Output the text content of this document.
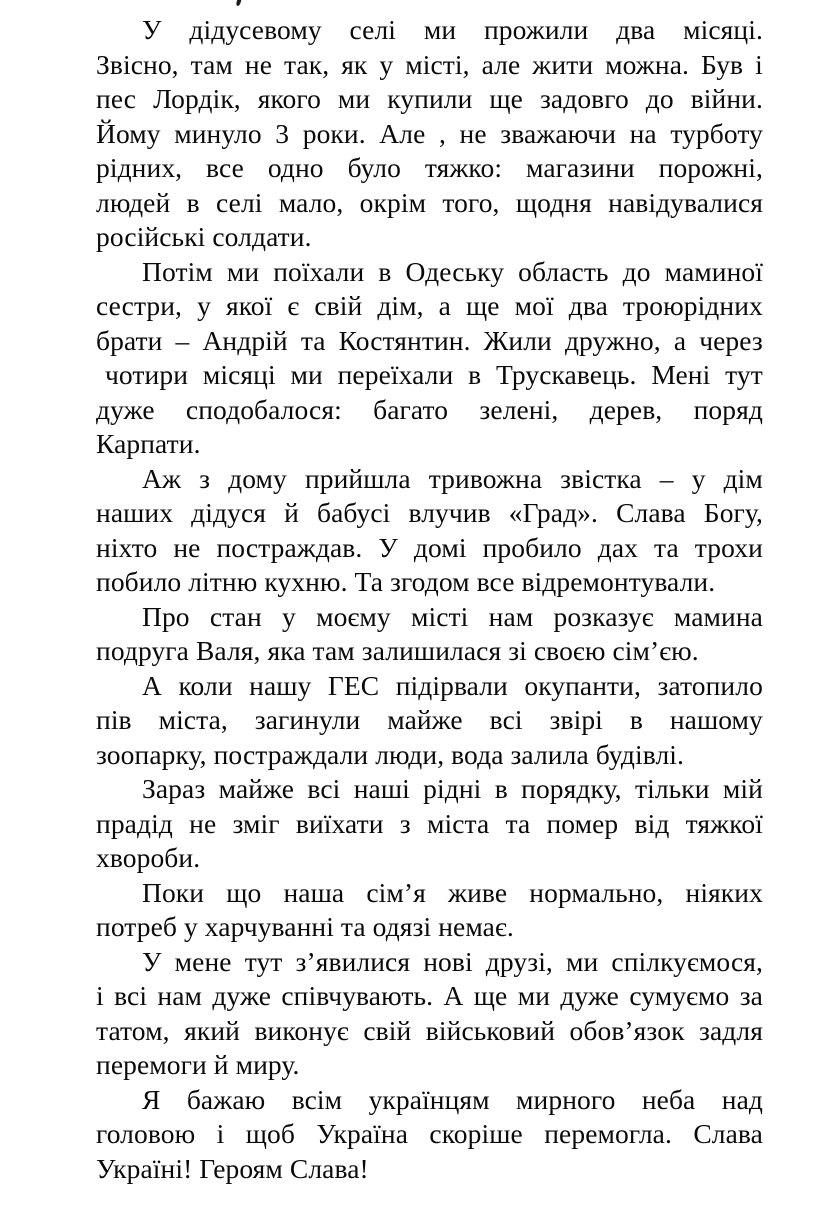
У дідусевому селі ми прожили два місяці.
Звісно, там не так, як у місті, але жити можна. Був і
пес Лордік, якого ми купили ще задовго до війни.
Йому минуло 3 роки. Але , не зважаючи на турботу
рідних, все одно було тяжко: магазини порожні,
людей в селі мало, окрім того, щодня навідувалися
російські солдати.
Потім ми поїхали в Одеську область до маминої
сестри, у якої є свій дім, а ще мої два троюрідних
брати – Андрій та Костянтин. Жили дружно, а через
чотири місяці ми переїхали в Трускавець. Мені тут
дуже сподобалося: багато зелені, дерев, поряд
Карпати.
Аж з дому прийшла тривожна звістка – у дім
наших дідуся й бабусі влучив «Град». Слава Богу,
ніхто не постраждав. У домі пробило дах та трохи
побило літню кухню. Та згодом все відремонтували.
Про стан у моєму місті нам розказує мамина
подруга Валя, яка там залишилася зі своєю сім’єю.
А коли нашу ГЕС підірвали окупанти, затопило
пів міста, загинули майже всі звірі в нашому
зоопарку, постраждали люди, вода залила будівлі.
Зараз майже всі наші рідні в порядку, тільки мій
прадід не зміг виїхати з міста та помер від тяжкої
хвороби.
Поки що наша сім’я живе нормально, ніяких
потреб у харчуванні та одязі немає.
У мене тут з’явилися нові друзі, ми спілкуємося,
і всі нам дуже співчувають. А ще ми дуже сумуємо за
татом, який виконує свій військовий обов’язок задля
перемоги й миру.
Я бажаю всім українцям мирного неба над
головою і щоб Україна скоріше перемогла. Слава
Україні! Героям Слава!
